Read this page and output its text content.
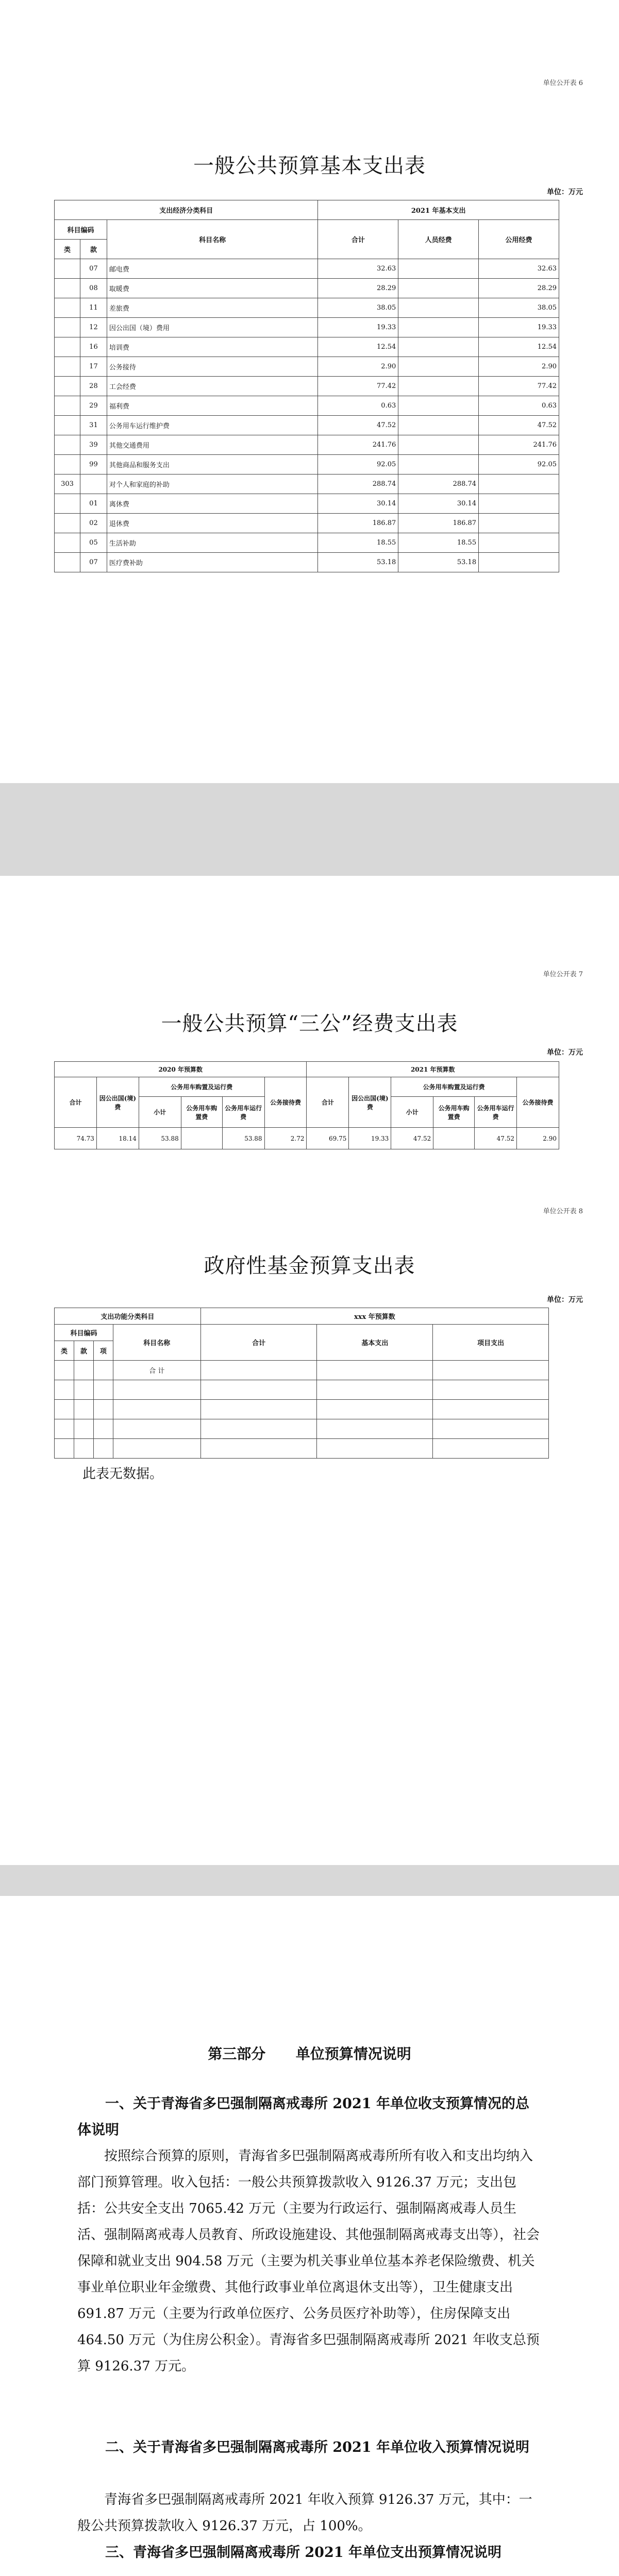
单位公开表 6
一般公共预算基本支出表
单位：万元
支出经济分类科目			2021 年基本支出		
科目编码		科目名称	合计	人员经费	公用经费
类	款				
	07	邮电费	32.63		32.63
	08	取暖费	28.29		28.29
	11	差旅费	38.05		38.05
	12	因公出国（境）费用	19.33		19.33
	16	培训费	12.54		12.54
	17	公务接待	2.90		2.90
	28	工会经费	77.42		77.42
	29	福利费	0.63		0.63
	31	公务用车运行维护费	47.52		47.52
	39	其他交通费用	241.76		241.76
	99	其他商品和服务支出	92.05		92.05
303		对个人和家庭的补助	288.74	288.74	
	01	离休费	30.14	30.14	
	02	退休费	186.87	186.87	
	05	生活补助	18.55	18.55	
	07	医疗费补助	53.18	53.18	
单位公开表 7
一般公共预算“三公”经费支出表
单位：万元
2020 年预算数						2021 年预算数					
合计	因公出国(境)费	公务用车购置及运行费			公务接待费	合计	因公出国(境)费	公务用车购置及运行费			公务接待费
		小计	公务用车购置费	公务用车运行费				小计	公务用车购置费	公务用车运行费	
74.73	18.14	53.88		53.88	2.72	69.75	19.33	47.52		47.52	2.90
单位公开表 8
政府性基金预算支出表
单位：万元
支出功能分类科目				xxx 年预算数		
科目编码			科目名称	合计	基本支出	项目支出
类	款	项				
			合 计			

此表无数据。
第三部分      单位预算情况说明
一、关于青海省多巴强制隔离戒毒所 2021 年单位收支预算情况的总体说明

按照综合预算的原则，青海省多巴强制隔离戒毒所所有收入和支出均纳入部门预算管理。收入包括：一般公共预算拨款收入 9126.37 万元；支出包括：公共安全支出 7065.42 万元（主要为行政运行、强制隔离戒毒人员生活、强制隔离戒毒人员教育、所政设施建设、其他强制隔离戒毒支出等），社会保障和就业支出 904.58 万元（主要为机关事业单位基本养老保险缴费、机关事业单位职业年金缴费、其他行政事业单位离退休支出等），卫生健康支出 691.87 万元（主要为行政单位医疗、公务员医疗补助等），住房保障支出 464.50 万元（为住房公积金）。青海省多巴强制隔离戒毒所 2021 年收支总预算 9126.37 万元。

二、关于青海省多巴强制隔离戒毒所 2021 年单位收入预算情况说明

青海省多巴强制隔离戒毒所 2021 年收入预算 9126.37 万元，其中：一般公共预算拨款收入 9126.37 万元，占 100%。

三、青海省多巴强制隔离戒毒所 2021 年单位支出预算情况说明
